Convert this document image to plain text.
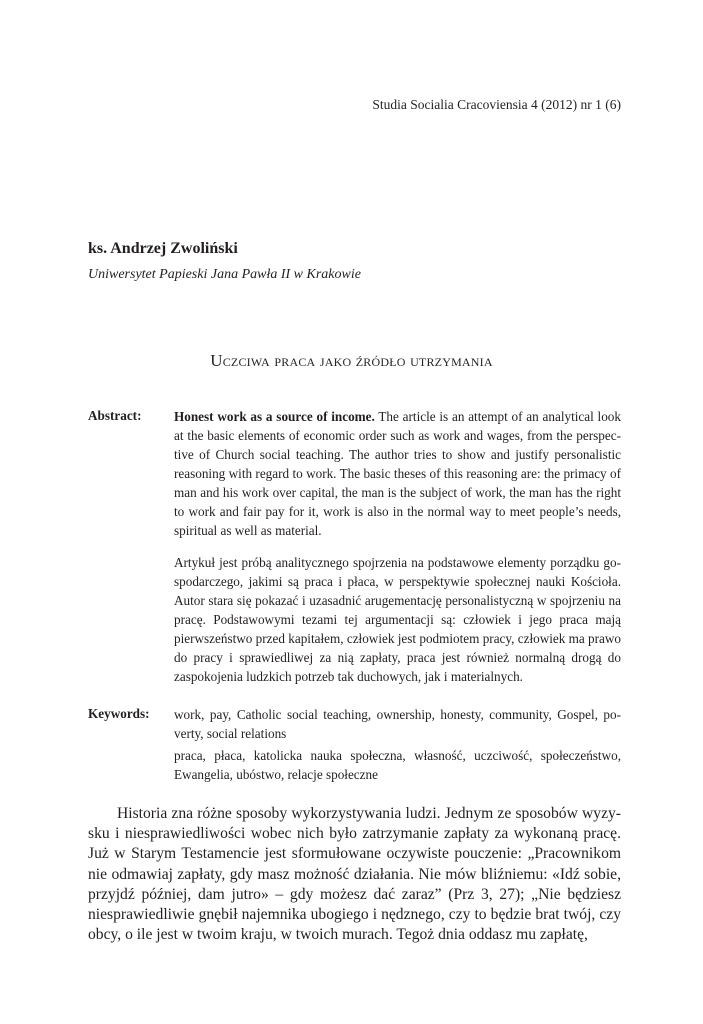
Studia Socialia Cracoviensia 4 (2012) nr 1 (6)
ks. Andrzej Zwoliński
Uniwersytet Papieski Jana Pawła II w Krakowie
Uczciwa praca jako źródło utrzymania
Abstract: Honest work as a source of income. The article is an attempt of an analytical look at the basic elements of economic order such as work and wages, from the perspective of Church social teaching. The author tries to show and justify personalistic reasoning with regard to work. The basic theses of this reasoning are: the primacy of man and his work over capital, the man is the subject of work, the man has the right to work and fair pay for it, work is also in the normal way to meet people’s needs, spiritual as well as material.

Artykuł jest próbą analitycznego spojrzenia na podstawowe elementy porządku gospodarczego, jakimi są praca i płaca, w perspektywie społecznej nauki Kościoła. Autor stara się pokazać i uzasadnić arugementację personalistyczną w spojrzeniu na pracę. Podstawowymi tezami tej argumentacji są: człowiek i jego praca mają pierwszeństwo przed kapitałem, człowiek jest podmiotem pracy, człowiek ma prawo do pracy i sprawiedliwej za nią zapłaty, praca jest również normalną drogą do zaspokojenia ludzkich potrzeb tak duchowych, jak i materialnych.

Keywords: work, pay, Catholic social teaching, ownership, honesty, community, Gospel, poverty, social relations

praca, płaca, katolicka nauka społeczna, własność, uczciwość, społeczeństwo, Ewangelia, ubóstwo, relacje społeczne

Historia zna różne sposoby wykorzystywania ludzi. Jednym ze sposobów wyzysku i niesprawiedliwości wobec nich było zatrzymanie zapłaty za wykonaną pracę. Już w Starym Testamencie jest sformułowane oczywiste pouczenie: „Pracownikom nie odmawiaj zapłaty, gdy masz możność działania. Nie mów bliźniemu: «Idź sobie, przyjdź później, dam jutro» – gdy możesz dać zaraz” (Prz 3, 27); „Nie będziesz niesprawiedliwie gnębił najemnika ubogiego i nędznego, czy to będzie brat twój, czy obcy, o ile jest w twoim kraju, w twoich murach. Tegoż dnia oddasz mu zapłatę,
